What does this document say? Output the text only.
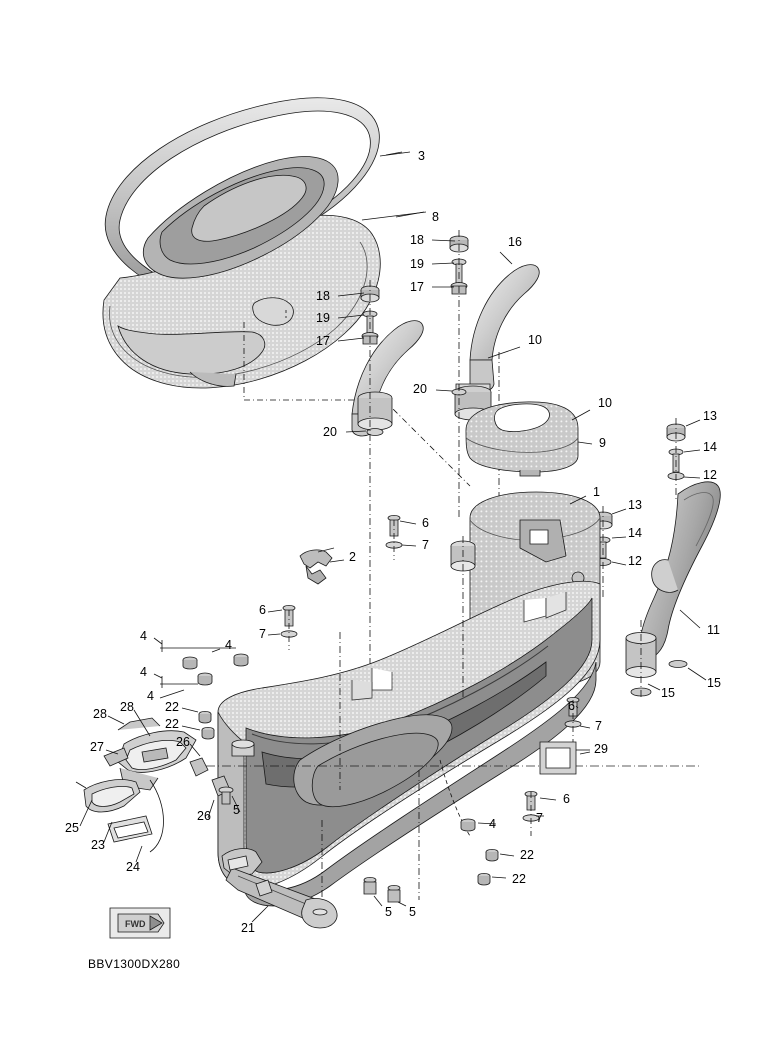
3
8
18	16
19
17
18
19
17	10
20
10
13
20
9	14
12
1
6
13
14
7
2	12
6
11
4
4
7
4
15
15
4
28 28 22
22
6
7
26
27	29
25
23
26 5
6
7
4
24
22
22
5 5
21
FWD
BBV1300DX280
